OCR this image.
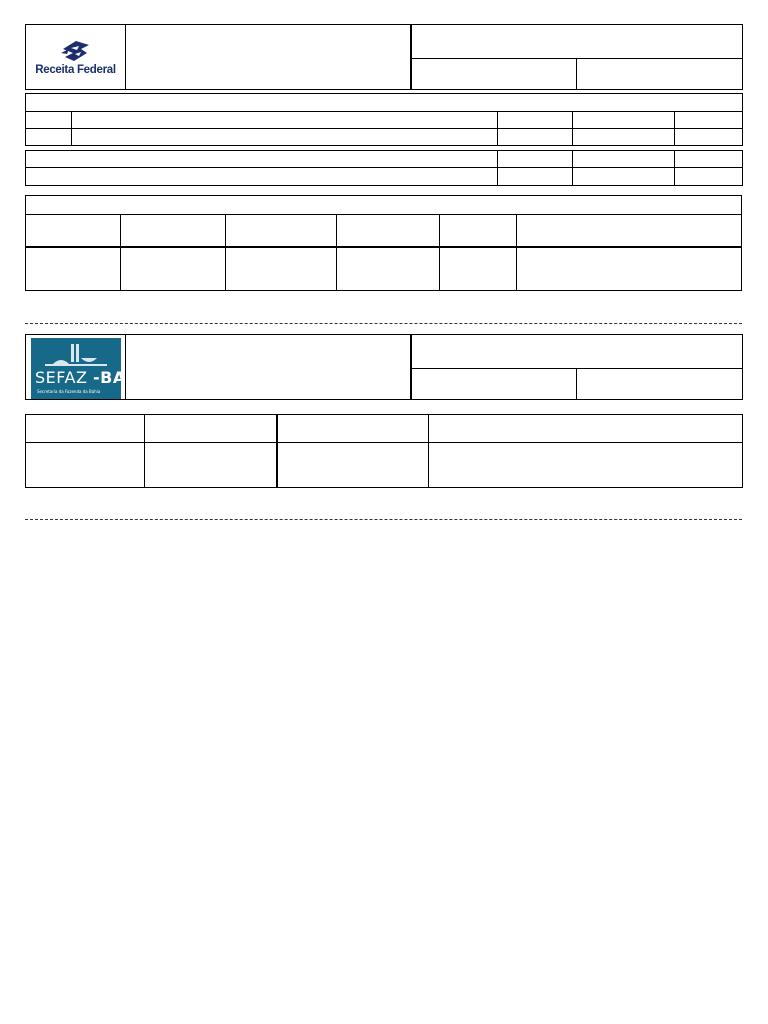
Receita Federal
SEFAZ -BA
Secretaria da Fazenda da Bahia
